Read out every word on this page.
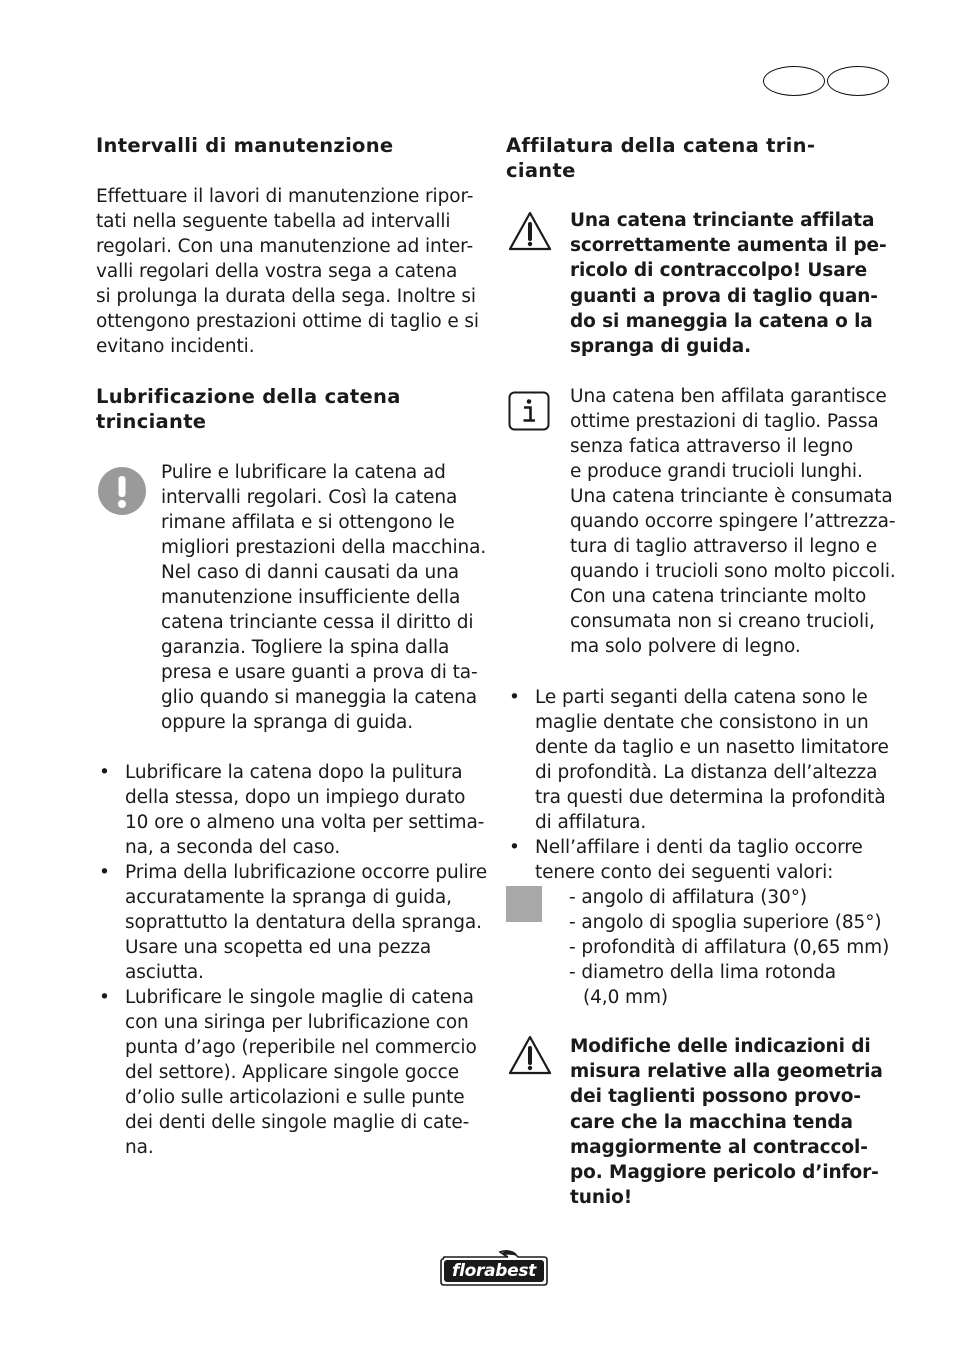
Intervalli di manutenzione
Effettuare il lavori di manutenzione ripor-
tati nella seguente tabella ad intervalli
regolari. Con una manutenzione ad inter-
valli regolari della vostra sega a catena
si prolunga la durata della sega. Inoltre si
ottengono prestazioni ottime di taglio e si
evitano incidenti.
Lubrificazione della catena
trinciante
Pulire e lubrificare la catena ad
intervalli regolari. Così la catena
rimane affilata e si ottengono le
migliori prestazioni della macchina.
Nel caso di danni causati da una
manutenzione insufficiente della
catena trinciante cessa il diritto di
garanzia. Togliere la spina dalla
presa e usare guanti a prova di ta-
glio quando si maneggia la catena
oppure la spranga di guida.
• Lubrificare la catena dopo la pulitura
della stessa, dopo un impiego durato
10 ore o almeno una volta per settima-
na, a seconda del caso.
• Prima della lubrificazione occorre pulire
accuratamente la spranga di guida,
soprattutto la dentatura della spranga.
Usare una scopetta ed una pezza
asciutta.
• Lubrificare le singole maglie di catena
con una siringa per lubrificazione con
punta d’ago (reperibile nel commercio
del settore). Applicare singole gocce
d’olio sulle articolazioni e sulle punte
dei denti delle singole maglie di cate-
na.
Affilatura della catena trin-
ciante
Una catena trinciante affilata
scorrettamente aumenta il pe-
ricolo di contraccolpo! Usare
guanti a prova di taglio quan-
do si maneggia la catena o la
spranga di guida.
Una catena ben affilata garantisce
ottime prestazioni di taglio. Passa
senza fatica attraverso il legno
e produce grandi trucioli lunghi.
Una catena trinciante è consumata
quando occorre spingere l’attrezza-
tura di taglio attraverso il legno e
quando i trucioli sono molto piccoli.
Con una catena trinciante molto
consumata non si creano trucioli,
ma solo polvere di legno.
• Le parti seganti della catena sono le
maglie dentate che consistono in un
dente da taglio e un nasetto limitatore
di profondità. La distanza dell’altezza
tra questi due determina la profondità
di affilatura.
• Nell’affilare i denti da taglio occorre
tenere conto dei seguenti valori:
- angolo di affilatura (30°)
- angolo di spoglia superiore (85°)
- profondità di affilatura (0,65 mm)
- diametro della lima rotonda
(4,0 mm)
Modifiche delle indicazioni di
misura relative alla geometria
dei taglienti possono provo-
care che la macchina tenda
maggiormente al contraccol-
po. Maggiore pericolo d’infor-
tunio!
florabest
